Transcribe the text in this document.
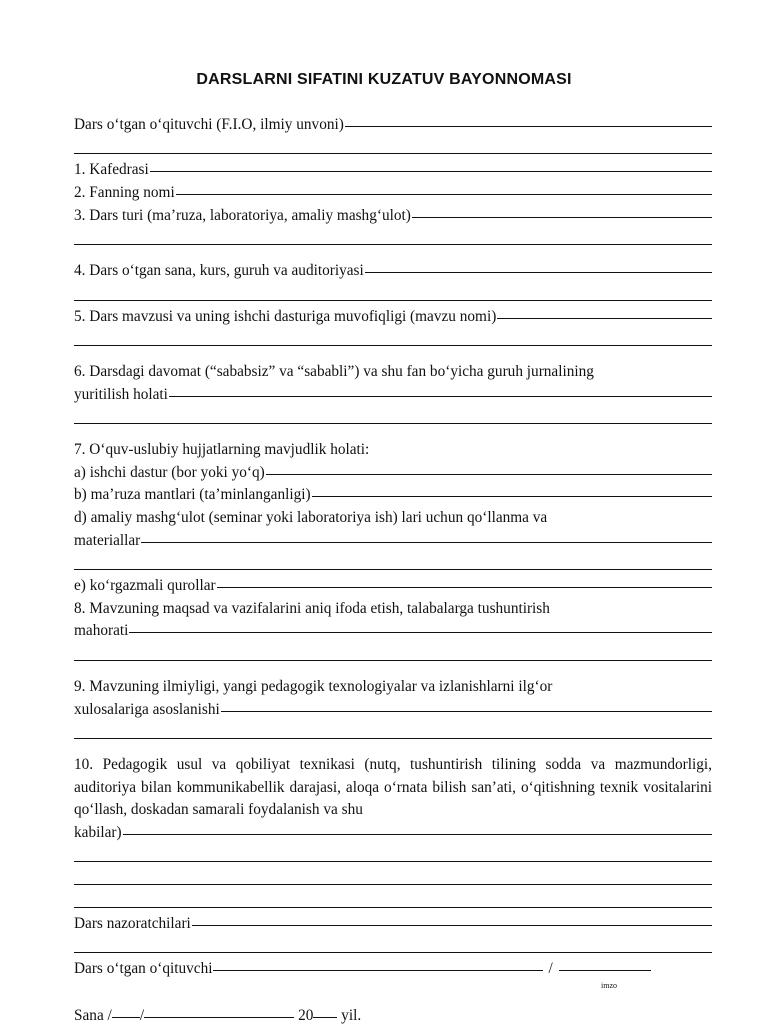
DARSLARNI SIFATINI KUZATUV BAYONNOMASI
Dars o‘tgan o‘qituvchi (F.I.O, ilmiy unvoni)
1. Kafedrasi
2. Fanning nomi
3. Dars turi (ma’ruza, laboratoriya, amaliy mashg‘ulot)
4. Dars o‘tgan sana, kurs, guruh va auditoriyasi
5. Dars mavzusi va uning ishchi dasturiga muvofiqligi (mavzu nomi)
6. Darsdagi davomat (“sababsiz” va “sababli”) va shu fan bo‘yicha guruh jurnalining
yuritilish holati
7. O‘quv-uslubiy hujjatlarning mavjudlik holati:
a) ishchi dastur (bor yoki yo‘q)
b) ma’ruza mantlari (ta’minlanganligi)
d) amaliy mashg‘ulot (seminar yoki laboratoriya ish) lari uchun qo‘llanma va
materiallar
e) ko‘rgazmali qurollar
8. Mavzuning maqsad va vazifalarini aniq ifoda etish, talabalarga tushuntirish
mahorati
9. Mavzuning ilmiyligi, yangi pedagogik texnologiyalar va izlanishlarni ilg‘or
xulosalariga asoslanishi
10. Pedagogik usul va qobiliyat texnikasi (nutq, tushuntirish tilining sodda va mazmundorligi, auditoriya bilan kommunikabellik darajasi, aloqa o‘rnata bilish san’ati, o‘qitishning texnik vositalarini qo‘llash, doskadan samarali foydalanish va shu
kabilar)
Dars nazoratchilari
Dars o‘tgan o‘qituvchi	/
imzo
Sana / /	20 yil.
